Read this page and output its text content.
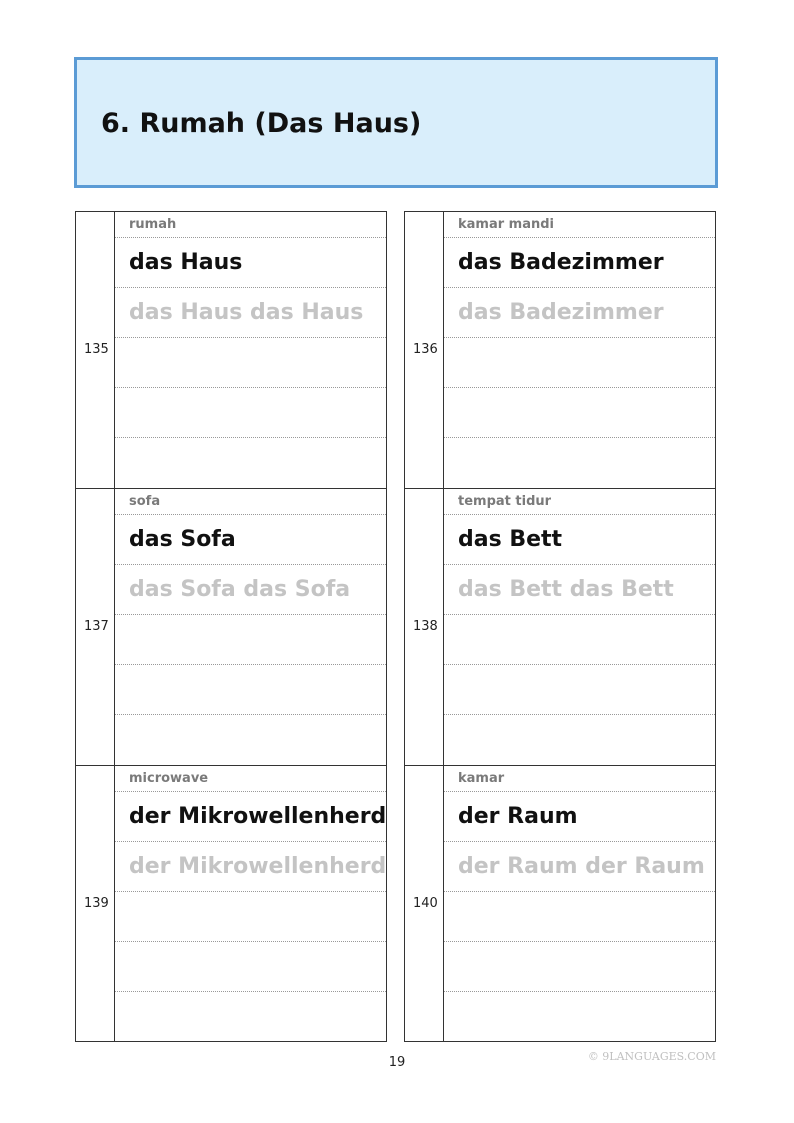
6. Rumah (Das Haus)
135
rumah
das Haus
das Haus das Haus
136
kamar mandi
das Badezimmer
das Badezimmer
137
sofa
das Sofa
das Sofa das Sofa
138
tempat tidur
das Bett
das Bett das Bett
139
microwave
der Mikrowellenherd
der Mikrowellenherd
140
kamar
der Raum
der Raum der Raum
19	© 9LANGUAGES.COM
